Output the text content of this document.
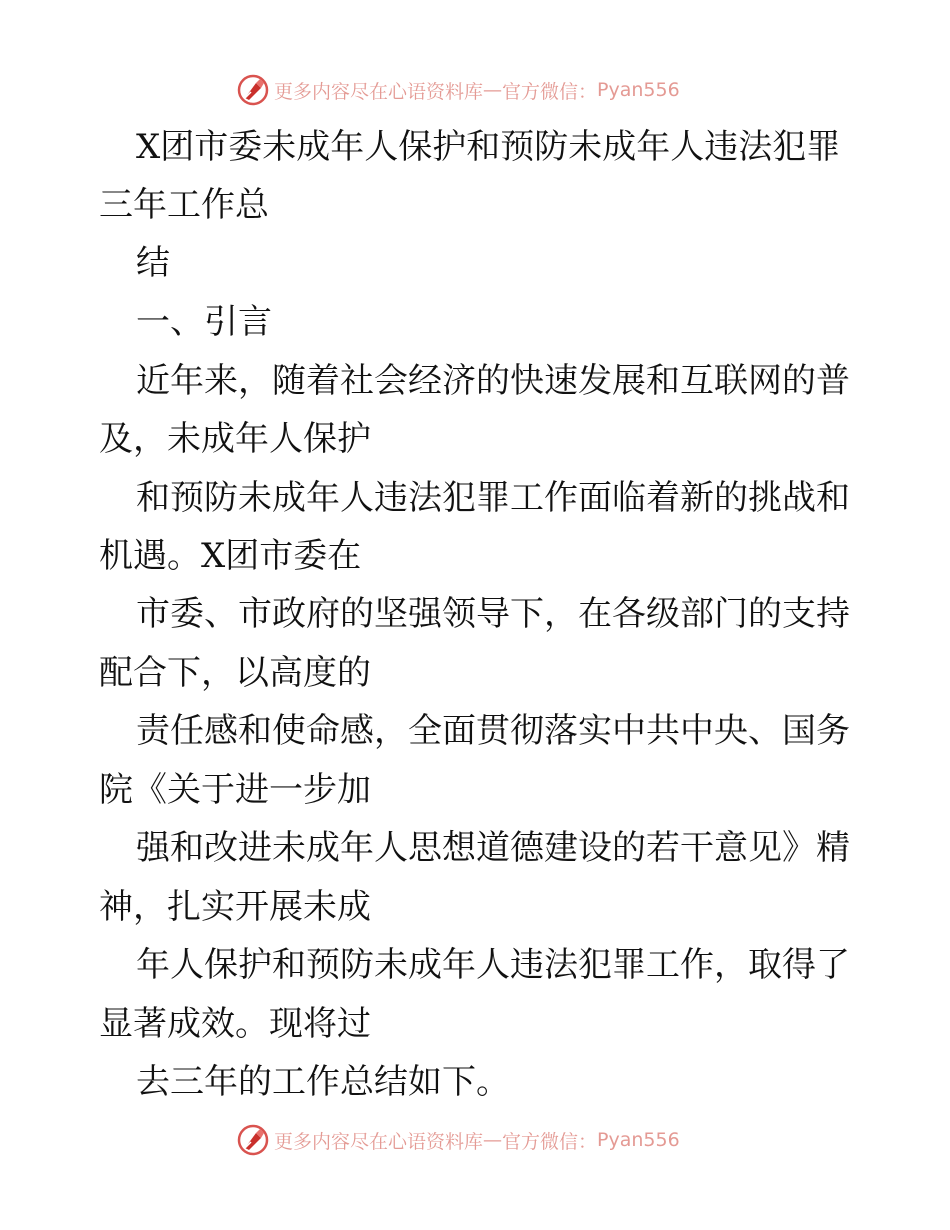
更多内容尽在心语资料库 — 官方微信： Pyan556
X团市委未成年人保护和预防未成年人违法犯罪
三年工作总
结
一、引言
近年来，随着社会经济的快速发展和互联网的普
及，未成年人保护
和预防未成年人违法犯罪工作面临着新的挑战和
机遇。X团市委在
市委、市政府的坚强领导下，在各级部门的支持
配合下，以高度的
责任感和使命感，全面贯彻落实中共中央、国务
院《关于进一步加
强和改进未成年人思想道德建设的若干意见》精
神，扎实开展未成
年人保护和预防未成年人违法犯罪工作，取得了
显著成效。现将过
去三年的工作总结如下。
更多内容尽在心语资料库 — 官方微信： Pyan556
